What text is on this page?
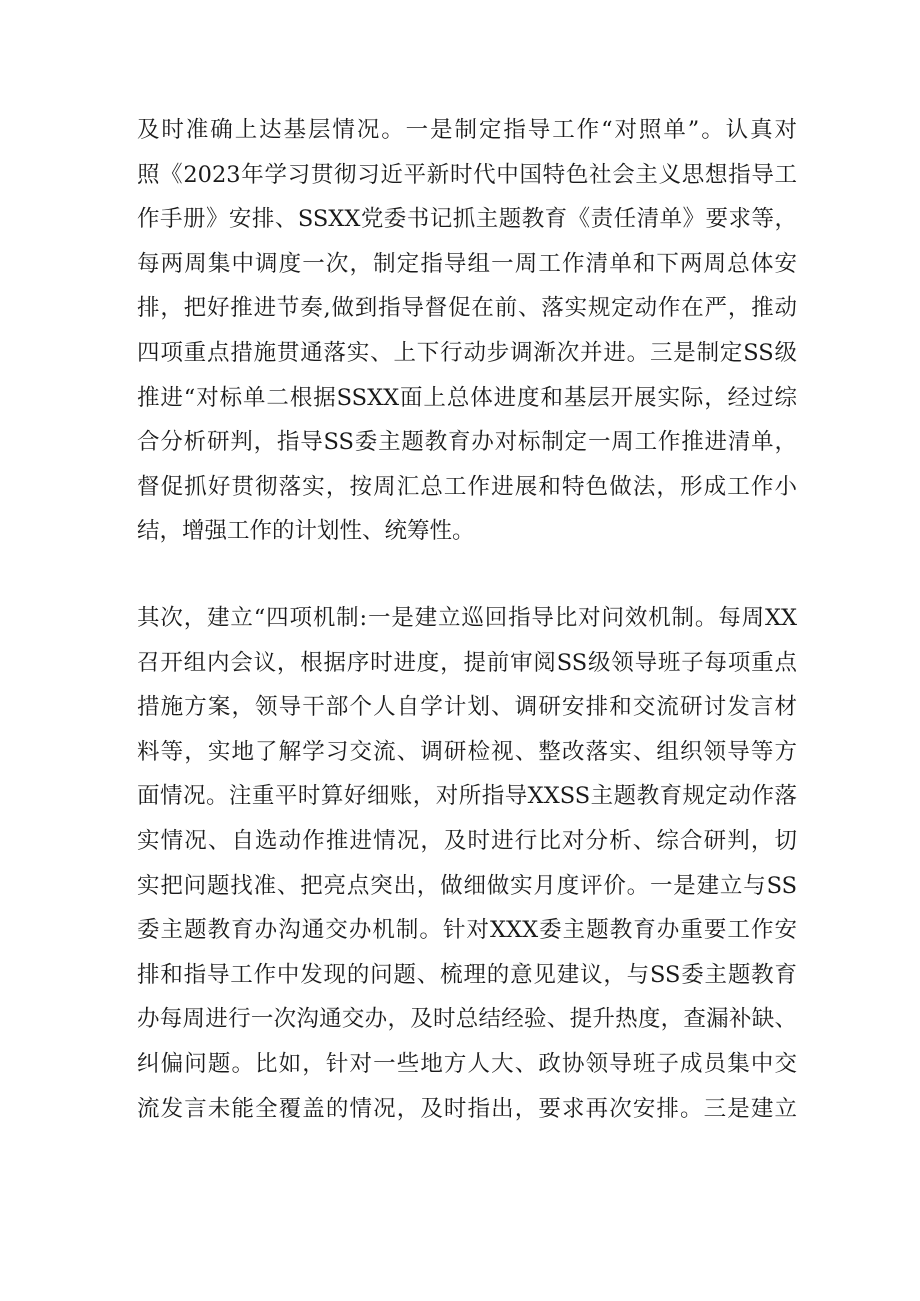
及时准确上达基层情况。一是制定指导工作“对照单”。认真对
照《2023年学习贯彻习近平新时代中国特色社会主义思想指导工
作手册》安排、SSXX党委书记抓主题教育《责任清单》要求等，
每两周集中调度一次，制定指导组一周工作清单和下两周总体安
排，把好推进节奏,做到指导督促在前、落实规定动作在严，推动
四项重点措施贯通落实、上下行动步调渐次并进。三是制定SS级
推进“对标单二根据SSXX面上总体进度和基层开展实际，经过综
合分析研判，指导SS委主题教育办对标制定一周工作推进清单，
督促抓好贯彻落实，按周汇总工作进展和特色做法，形成工作小
结，增强工作的计划性、统筹性。
其次，建立“四项机制:一是建立巡回指导比对问效机制。每周XX
召开组内会议，根据序时进度，提前审阅SS级领导班子每项重点
措施方案，领导干部个人自学计划、调研安排和交流研讨发言材
料等，实地了解学习交流、调研检视、整改落实、组织领导等方
面情况。注重平时算好细账，对所指导XXSS主题教育规定动作落
实情况、自选动作推进情况，及时进行比对分析、综合研判，切
实把问题找准、把亮点突出，做细做实月度评价。一是建立与SS
委主题教育办沟通交办机制。针对XXX委主题教育办重要工作安
排和指导工作中发现的问题、梳理的意见建议，与SS委主题教育
办每周进行一次沟通交办，及时总结经验、提升热度，查漏补缺、
纠偏问题。比如，针对一些地方人大、政协领导班子成员集中交
流发言未能全覆盖的情况，及时指出，要求再次安排。三是建立
